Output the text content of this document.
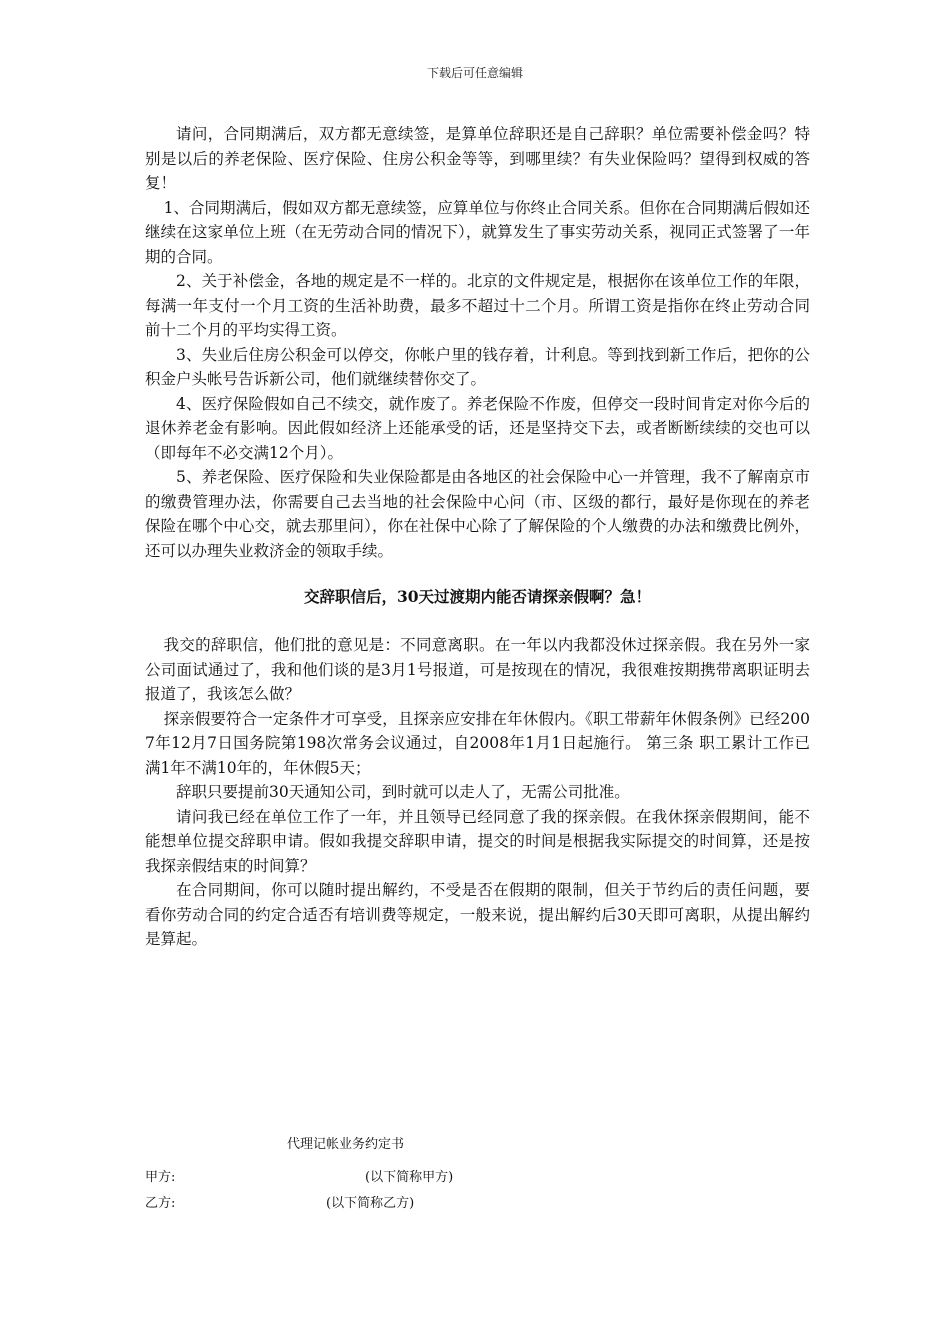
下载后可任意编辑

请问，合同期满后，双方都无意续签，是算单位辞职还是自己辞职？单位需要补偿金吗？特别是以后的养老保险、医疗保险、住房公积金等等，到哪里续？有失业保险吗？望得到权威的答复！

1、合同期满后，假如双方都无意续签，应算单位与你终止合同关系。但你在合同期满后假如还继续在这家单位上班（在无劳动合同的情况下），就算发生了事实劳动关系，视同正式签署了一年期的合同。

2、关于补偿金，各地的规定是不一样的。北京的文件规定是，根据你在该单位工作的年限，每满一年支付一个月工资的生活补助费，最多不超过十二个月。所谓工资是指你在终止劳动合同前十二个月的平均实得工资。

3、失业后住房公积金可以停交，你帐户里的钱存着，计利息。等到找到新工作后，把你的公积金户头帐号告诉新公司，他们就继续替你交了。

4、医疗保险假如自己不续交，就作废了。养老保险不作废，但停交一段时间肯定对你今后的退休养老金有影响。因此假如经济上还能承受的话，还是坚持交下去，或者断断续续的交也可以（即每年不必交满12个月）。

5、养老保险、医疗保险和失业保险都是由各地区的社会保险中心一并管理，我不了解南京市的缴费管理办法，你需要自己去当地的社会保险中心问（市、区级的都行，最好是你现在的养老保险在哪个中心交，就去那里问），你在社保中心除了了解保险的个人缴费的办法和缴费比例外，还可以办理失业救济金的领取手续。

交辞职信后，30天过渡期内能否请探亲假啊？急！

我交的辞职信，他们批的意见是：不同意离职。在一年以内我都没休过探亲假。我在另外一家公司面试通过了，我和他们谈的是3月1号报道，可是按现在的情况，我很难按期携带离职证明去报道了，我该怎么做？

探亲假要符合一定条件才可享受，且探亲应安排在年休假内。《职工带薪年休假条例》已经2007年12月7日国务院第198次常务会议通过，自2008年1月1日起施行。 第三条 职工累计工作已满1年不满10年的，年休假5天；

辞职只要提前30天通知公司，到时就可以走人了，无需公司批准。

请问我已经在单位工作了一年，并且领导已经同意了我的探亲假。在我休探亲假期间，能不能想单位提交辞职申请。假如我提交辞职申请，提交的时间是根据我实际提交的时间算，还是按我探亲假结束的时间算？

在合同期间，你可以随时提出解约，不受是否在假期的限制，但关于节约后的责任问题，要看你劳动合同的约定合适否有培训费等规定，一般来说，提出解约后30天即可离职，从提出解约是算起。

代理记帐业务约定书
甲方:	(以下简称甲方)
乙方:	(以下简称乙方)
